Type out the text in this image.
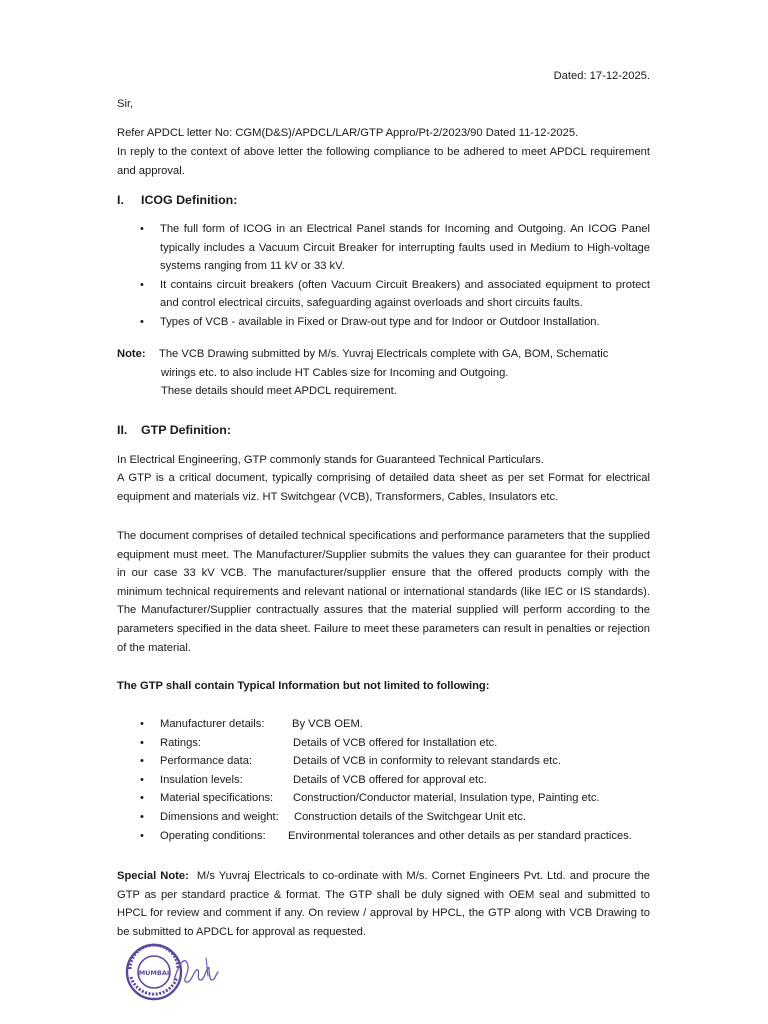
Dated: 17-12-2025.
Sir,
Refer APDCL letter No: CGM(D&S)/APDCL/LAR/GTP Appro/Pt-2/2023/90 Dated 11-12-2025.
In reply to the context of above letter the following compliance to be adhered to meet APDCL requirement and approval.
I. ICOG Definition:
• The full form of ICOG in an Electrical Panel stands for Incoming and Outgoing. An ICOG Panel typically includes a Vacuum Circuit Breaker for interrupting faults used in Medium to High-voltage systems ranging from 11 kV or 33 kV.
• It contains circuit breakers (often Vacuum Circuit Breakers) and associated equipment to protect and control electrical circuits, safeguarding against overloads and short circuits faults.
• Types of VCB - available in Fixed or Draw-out type and for Indoor or Outdoor Installation.
Note: The VCB Drawing submitted by M/s. Yuvraj Electricals complete with GA, BOM, Schematic
wirings etc. to also include HT Cables size for Incoming and Outgoing.
These details should meet APDCL requirement.
II. GTP Definition:
In Electrical Engineering, GTP commonly stands for Guaranteed Technical Particulars.
A GTP is a critical document, typically comprising of detailed data sheet as per set Format for electrical equipment and materials viz. HT Switchgear (VCB), Transformers, Cables, Insulators etc.
The document comprises of detailed technical specifications and performance parameters that the supplied equipment must meet. The Manufacturer/Supplier submits the values they can guarantee for their product in our case 33 kV VCB. The manufacturer/supplier ensure that the offered products comply with the minimum technical requirements and relevant national or international standards (like IEC or IS standards). The Manufacturer/Supplier contractually assures that the material supplied will perform according to the parameters specified in the data sheet. Failure to meet these parameters can result in penalties or rejection of the material.
The GTP shall contain Typical Information but not limited to following:
• Manufacturer details: By VCB OEM.
• Ratings:	Details of VCB offered for Installation etc.
• Performance data:	Details of VCB in conformity to relevant standards etc.
• Insulation levels:	Details of VCB offered for approval etc.
• Material specifications: Construction/Conductor material, Insulation type, Painting etc.
• Dimensions and weight: Construction details of the Switchgear Unit etc.
• Operating conditions: Environmental tolerances and other details as per standard practices.
Special Note: M/s Yuvraj Electricals to co-ordinate with M/s. Cornet Engineers Pvt. Ltd. and procure the GTP as per standard practice & format. The GTP shall be duly signed with OEM seal and submitted to HPCL for review and comment if any. On review / approval by HPCL, the GTP along with VCB Drawing to be submitted to APDCL for approval as requested.
MUMBAI
